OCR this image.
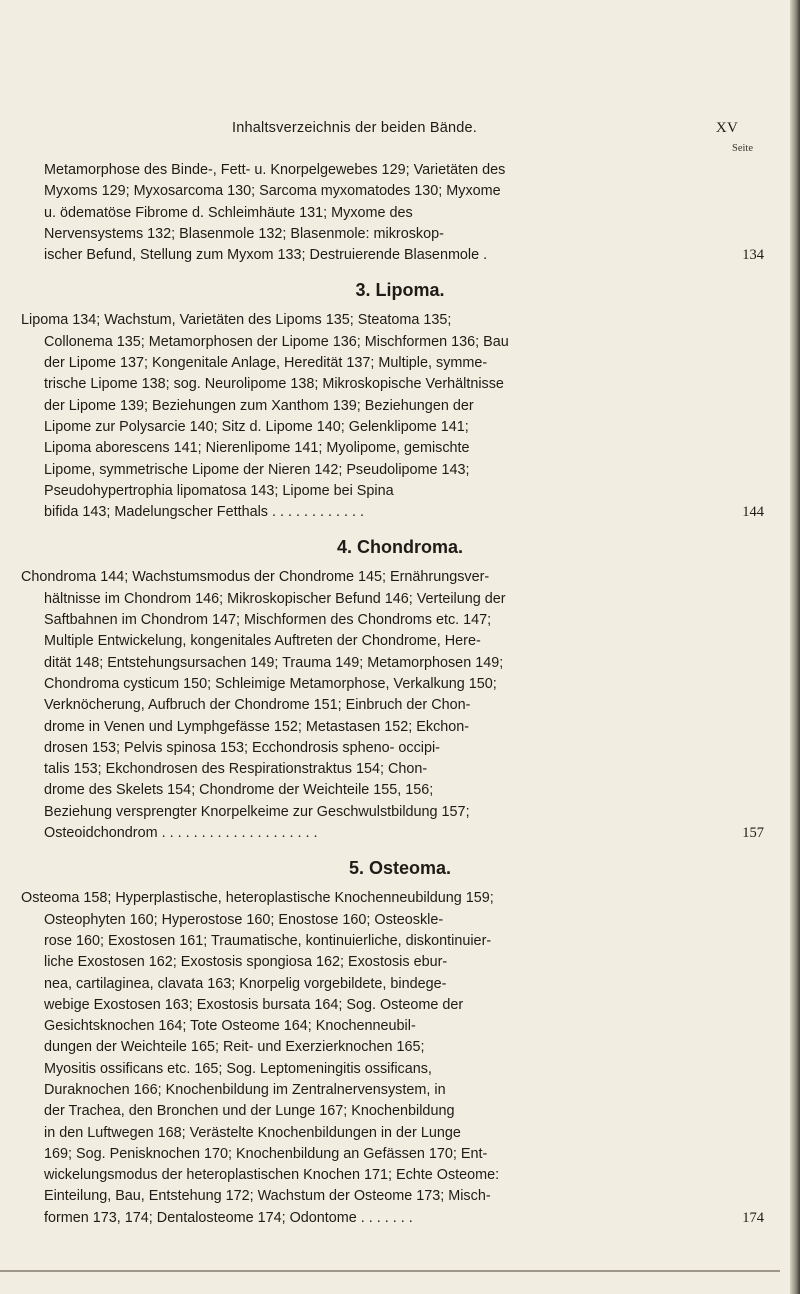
Inhaltsverzeichnis der beiden Bände.	XV
Seite
Metamorphose des Binde-, Fett- u. Knorpelgewebes 129; Varietäten des
Myxoms 129; Myxosarcoma 130; Sarcoma myxomatodes 130; Myxome
u. ödematöse Fibrome d. Schleimhäute 131; Myxome des
Nervensystems 132; Blasenmole 132; Blasenmole: mikroskop-
ischer Befund, Stellung zum Myxom 133; Destruierende Blasenmole .	134
3. Lipoma.
Lipoma 134; Wachstum, Varietäten des Lipoms 135; Steatoma 135;
Collonema 135; Metamorphosen der Lipome 136; Mischformen 136; Bau
der Lipome 137; Kongenitale Anlage, Heredität 137; Multiple, symme-
trische Lipome 138; sog. Neurolipome 138; Mikroskopische Verhältnisse
der Lipome 139; Beziehungen zum Xanthom 139; Beziehungen der
Lipome zur Polysarcie 140; Sitz d. Lipome 140; Gelenklipome 141;
Lipoma aborescens 141; Nierenlipome 141; Myolipome, gemischte
Lipome, symmetrische Lipome der Nieren 142; Pseudolipome 143;
Pseudohypertrophia lipomatosa 143; Lipome bei Spina
bifida 143; Madelungscher Fetthals . . . . . . . . . . . .	144
4. Chondroma.
Chondroma 144; Wachstumsmodus der Chondrome 145; Ernährungsver-
hältnisse im Chondrom 146; Mikroskopischer Befund 146; Verteilung der
Saftbahnen im Chondrom 147; Mischformen des Chondroms etc. 147;
Multiple Entwickelung, kongenitales Auftreten der Chondrome, Here-
dität 148; Entstehungsursachen 149; Trauma 149; Metamorphosen 149;
Chondroma cysticum 150; Schleimige Metamorphose, Verkalkung 150;
Verknöcherung, Aufbruch der Chondrome 151; Einbruch der Chon-
drome in Venen und Lymphgefässe 152; Metastasen 152; Ekchon-
drosen 153; Pelvis spinosa 153; Ecchondrosis spheno- occipi-
talis 153; Ekchondrosen des Respirationstraktus 154; Chon-
drome des Skelets 154; Chondrome der Weichteile 155, 156;
Beziehung versprengter Knorpelkeime zur Geschwulstbildung 157;
Osteoidchondrom . . . . . . . . . . . . . . . . . . . .	157
5. Osteoma.
Osteoma 158; Hyperplastische, heteroplastische Knochenneubildung 159;
Osteophyten 160; Hyperostose 160; Enostose 160; Osteoskle-
rose 160; Exostosen 161; Traumatische, kontinuierliche, diskontinuier-
liche Exostosen 162; Exostosis spongiosa 162; Exostosis ebur-
nea, cartilaginea, clavata 163; Knorpelig vorgebildete, bindege-
webige Exostosen 163; Exostosis bursata 164; Sog. Osteome der
Gesichtsknochen 164; Tote Osteome 164; Knochenneubil-
dungen der Weichteile 165; Reit- und Exerzierknochen 165;
Myositis ossificans etc. 165; Sog. Leptomeningitis ossificans,
Duraknochen 166; Knochenbildung im Zentralnervensystem, in
der Trachea, den Bronchen und der Lunge 167; Knochenbildung
in den Luftwegen 168; Verästelte Knochenbildungen in der Lunge
169; Sog. Penisknochen 170; Knochenbildung an Gefässen 170; Ent-
wickelungsmodus der heteroplastischen Knochen 171; Echte Osteome:
Einteilung, Bau, Entstehung 172; Wachstum der Osteome 173; Misch-
formen 173, 174; Dentalosteome 174; Odontome . . . . . . .	174
